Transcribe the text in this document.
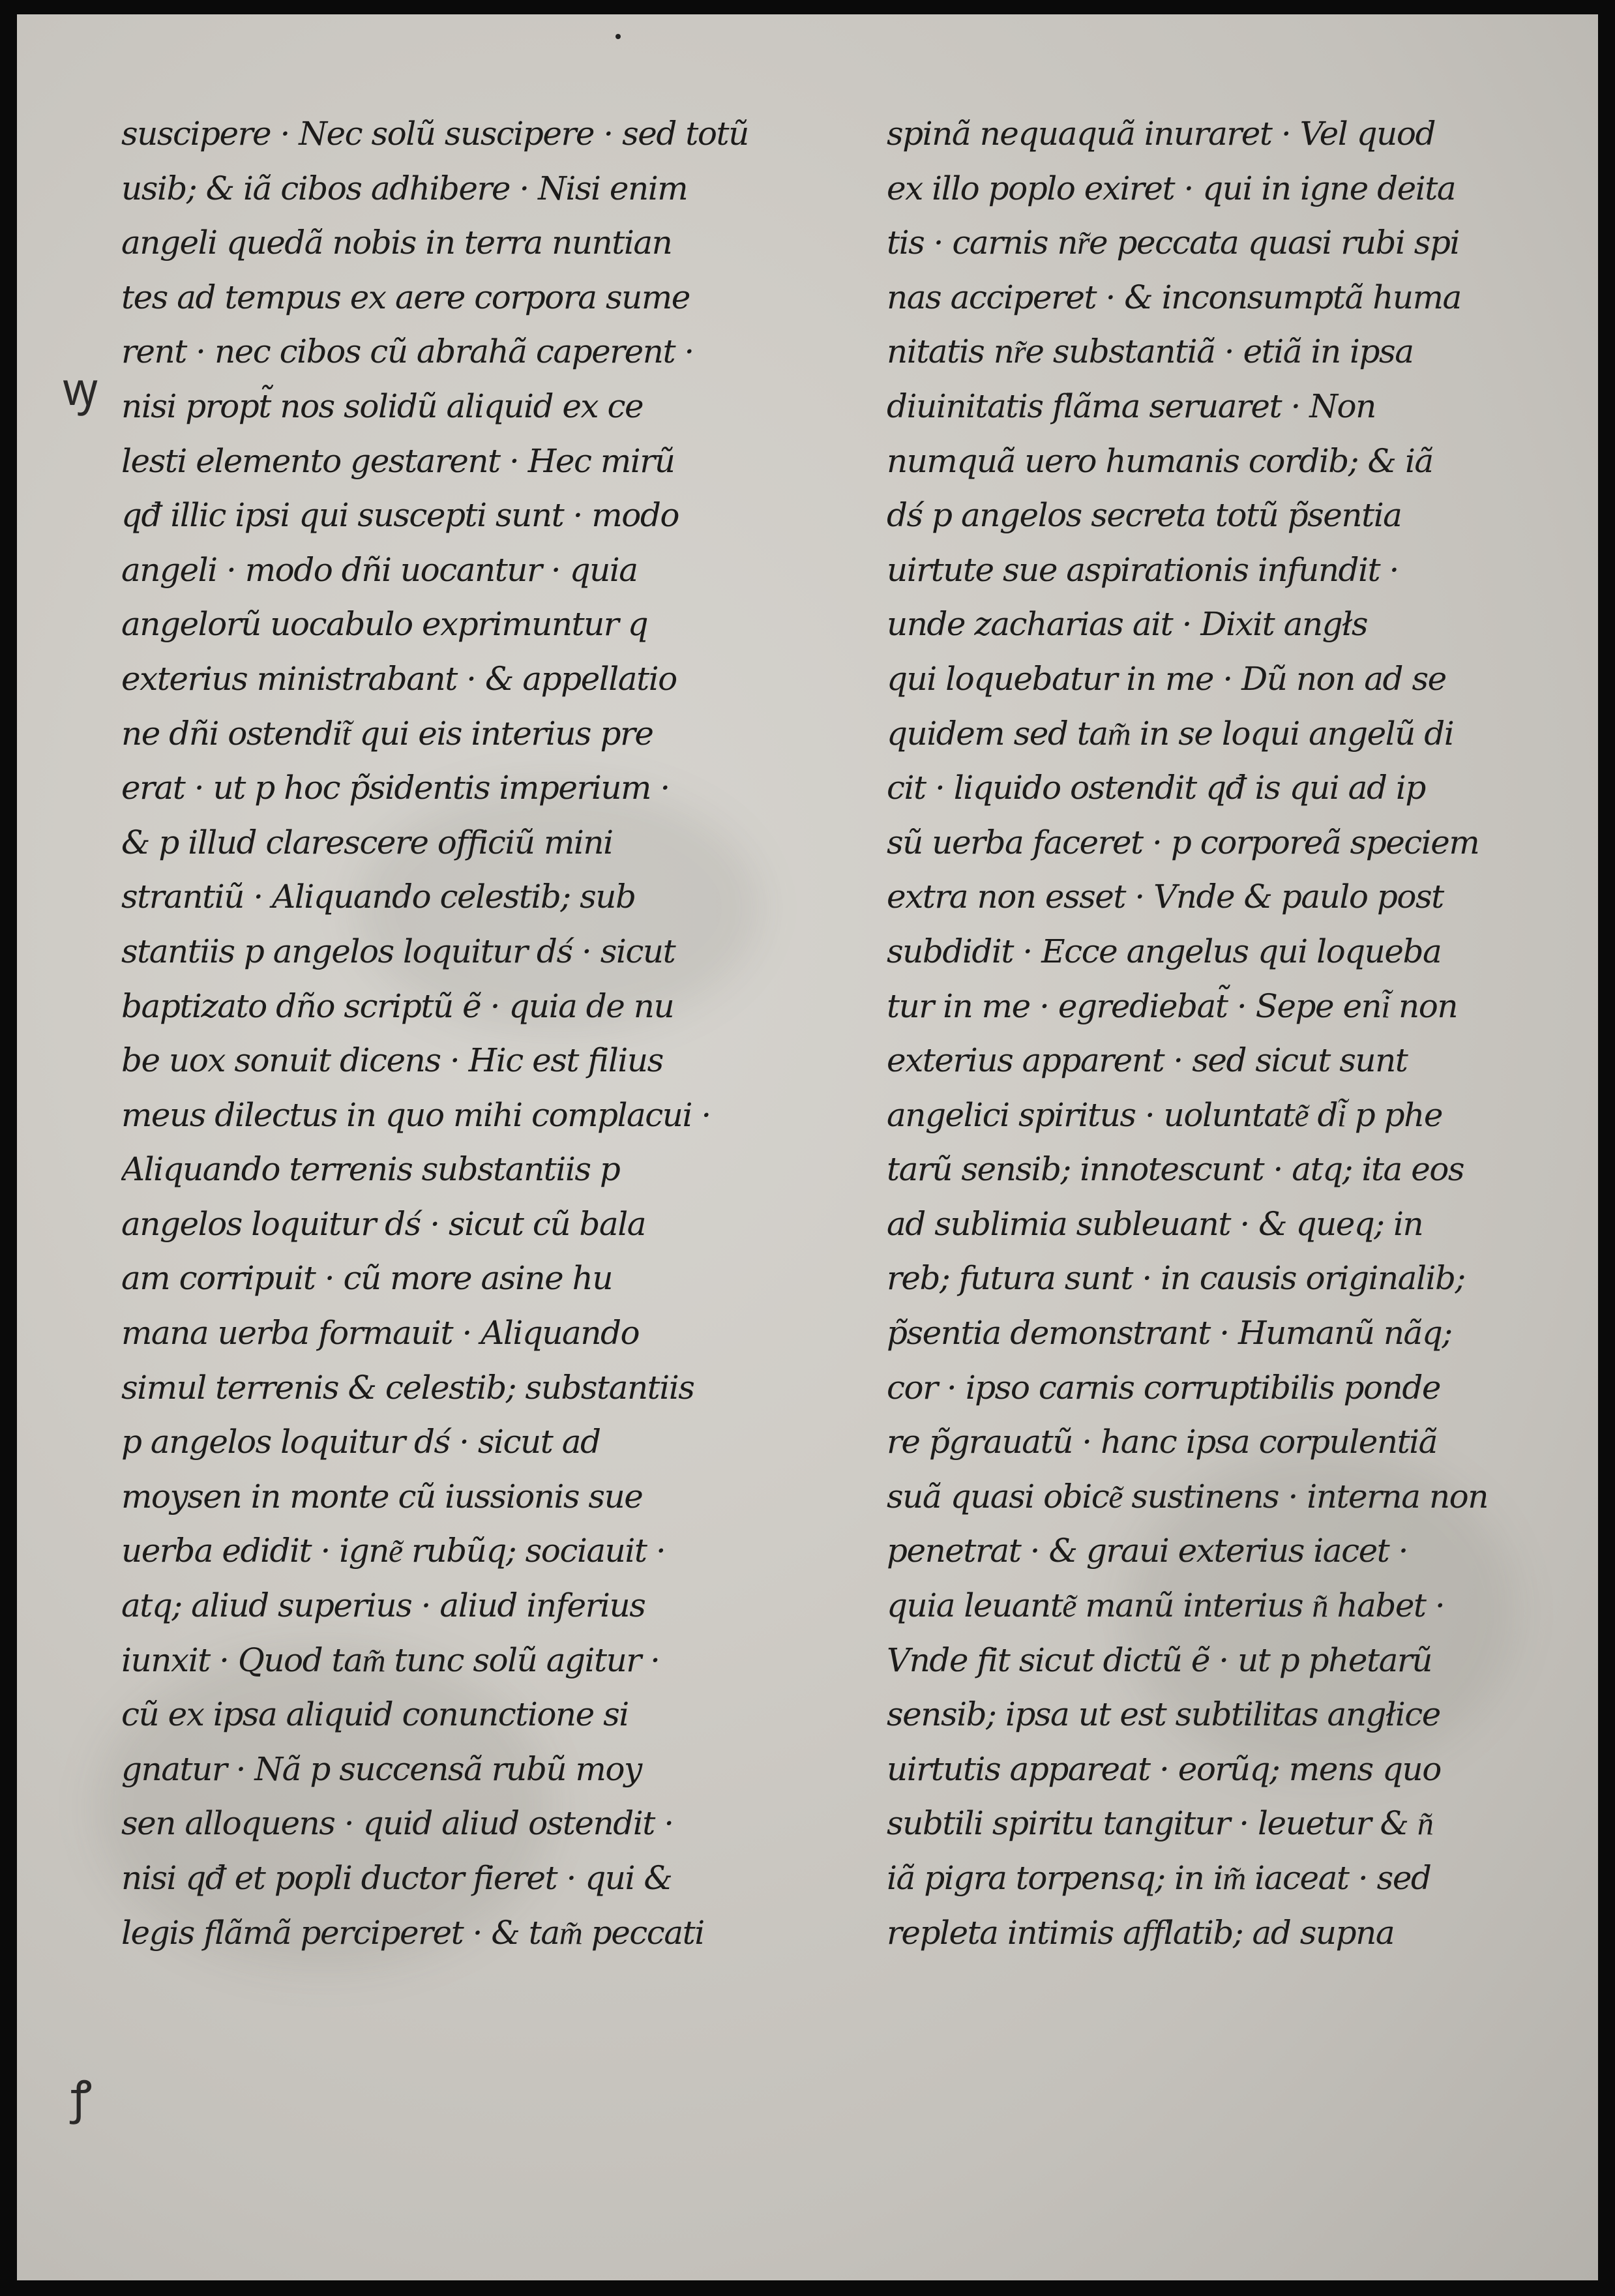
ꝡ
ꝭ
suscipere · Nec solũ suscipere · sed totũ
usib; & iã cibos adhibere · Nisi enim
angeli quedã nobis in terra nuntian
tes ad tempus ex aere corpora sume
rent · nec cibos cũ abrahã caperent ·
nisi propt̃ nos solidũ aliquid ex ce
lesti elemento gestarent · Hec mirũ
qđ illic ipsi qui suscepti sunt · modo
angeli · modo dñi uocantur · quia
angelorũ uocabulo exprimuntur q
exterius ministrabant · & appellatio
ne dñi ostendit͂ qui eis interius pre
erat · ut p hoc p̃sidentis imperium ·
& p illud clarescere officiũ mini
strantiũ · Aliquando celestib; sub
stantiis p angelos loquitur dś · sicut
baptizato dño scriptũ ẽ · quia de nu
be uox sonuit dicens · Hic est filius
meus dilectus in quo mihi complacui ·
Aliquando terrenis substantiis p
angelos loquitur dś · sicut cũ bala
am corripuit · cũ more asine hu
mana uerba formauit · Aliquando
simul terrenis & celestib; substantiis
p angelos loquitur dś · sicut ad
moysen in monte cũ iussionis sue
uerba edidit · igne͂ rubũq; sociauit ·
atq; aliud superius · aliud inferius
iunxit · Quod tam͂ tunc solũ agitur ·
cũ ex ipsa aliquid conunctione si
gnatur · Nã p succensã rubũ moy
sen alloquens · quid aliud ostendit ·
nisi qđ et popli ductor fieret · qui &
legis flãmã perciperet · & tam͂ peccati
spinã nequaquã inuraret · Vel quod
ex illo poplo exiret · qui in igne deita
tis · carnis nr͂e peccata quasi rubi spi
nas acciperet · & inconsumptã huma
nitatis nr͂e substantiã · etiã in ipsa
diuinitatis flãma seruaret · Non
numquã uero humanis cordib; & iã
dś p angelos secreta totũ p̃sentia
uirtute sue aspirationis infundit ·
unde zacharias ait · Dixit angłs
qui loquebatur in me · Dũ non ad se
quidem sed tam͂ in se loqui angelũ di
cit · liquido ostendit qđ is qui ad ip
sũ uerba faceret · p corporeã speciem
extra non esset · Vnde & paulo post
subdidit · Ecce angelus qui loqueba
tur in me · egrediebat̃ · Sepe eni͂ non
exterius apparent · sed sicut sunt
angelici spiritus · uoluntate͂ di͂ p phe
tarũ sensib; innotescunt · atq; ita eos
ad sublimia subleuant · & queq; in
reb; futura sunt · in causis originalib;
p̃sentia demonstrant · Humanũ nãq;
cor · ipso carnis corruptibilis ponde
re p̃grauatũ · hanc ipsa corpulentiã
suã quasi obice͂ sustinens · interna non
penetrat · & graui exterius iacet ·
quia leuante͂ manũ interius n͂ habet ·
Vnde fit sicut dictũ ẽ · ut p phetarũ
sensib; ipsa ut est subtilitas angłice
uirtutis appareat · eorũq; mens quo
subtili spiritu tangitur · leuetur & n͂
iã pigra torpensq; in im͂ iaceat · sed
repleta intimis afflatib; ad supna
